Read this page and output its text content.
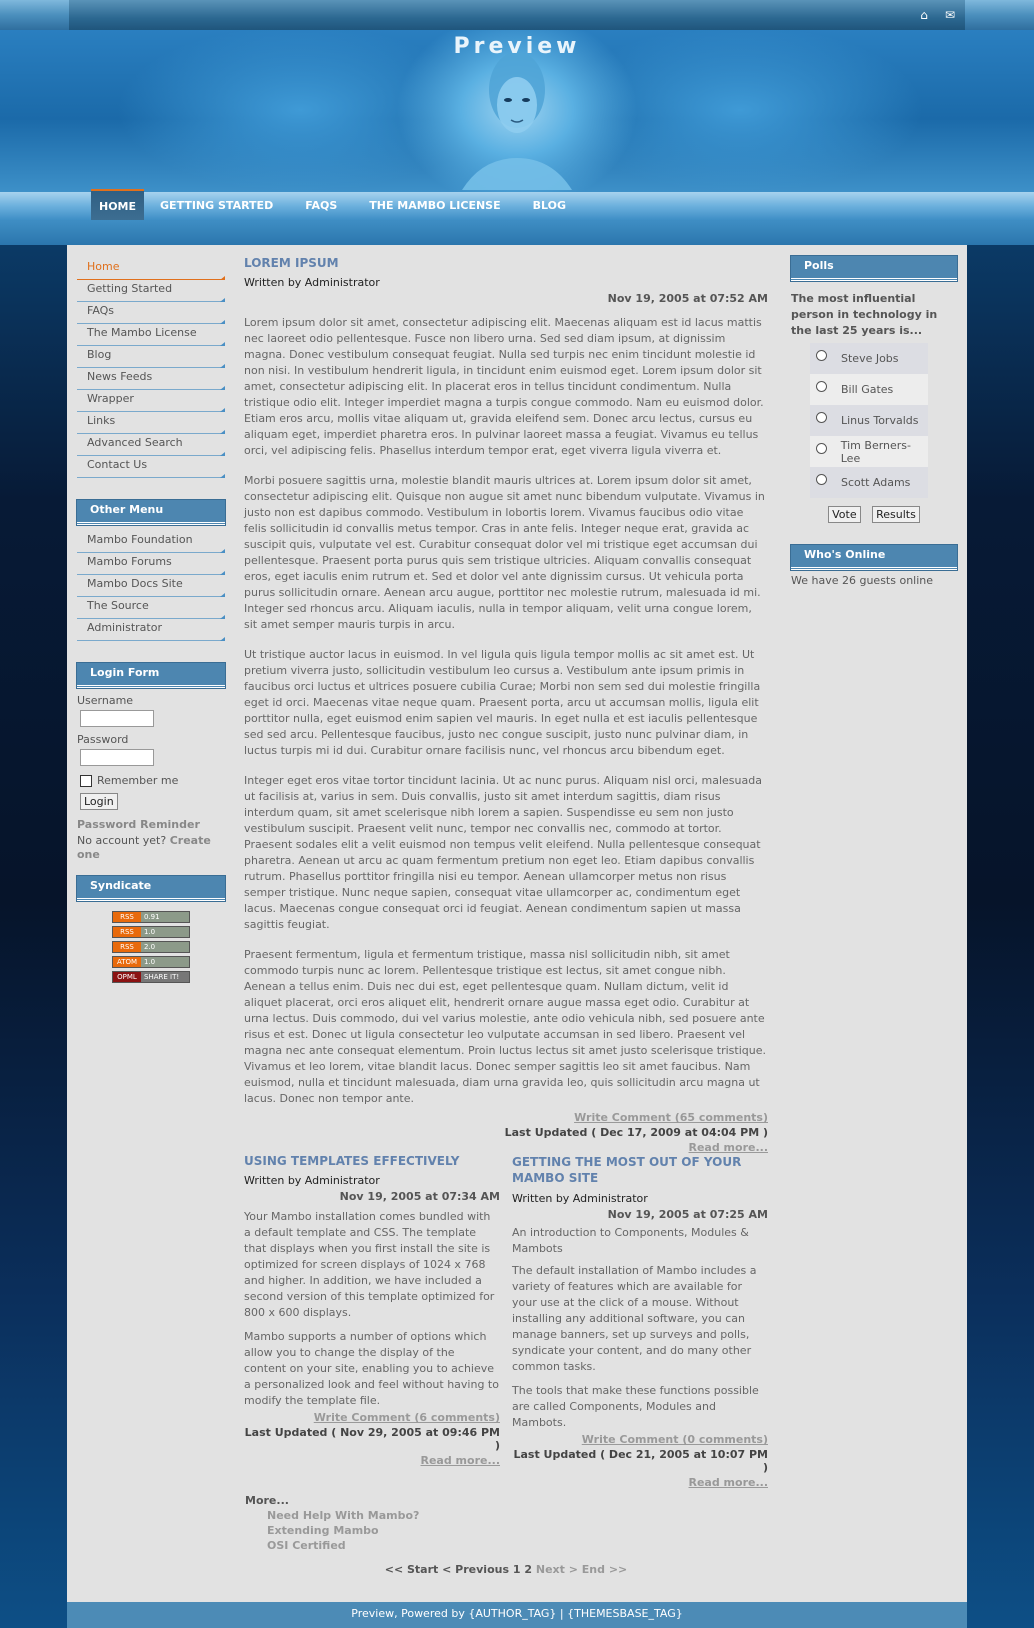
⌂ ✉
Preview
HOME	GETTING STARTED	FAQS	THE MAMBO LICENSE	BLOG
Home
Getting Started
FAQs
The Mambo License
Blog
News Feeds
Wrapper
Links
Advanced Search
Contact Us
Other Menu
Mambo Foundation
Mambo Forums
Mambo Docs Site
The Source
Administrator
Login Form
Username
Password
Remember me
Login
Password Reminder
No account yet? Create one
Syndicate
RSS	0.91
RSS	1.0
RSS	2.0
ATOM 1.0
OPML	SHARE IT!
LOREM IPSUM
Written by Administrator
Nov 19, 2005 at 07:52 AM

Lorem ipsum dolor sit amet, consectetur adipiscing elit. Maecenas aliquam est id lacus mattis nec laoreet odio pellentesque. Fusce non libero urna. Sed sed diam ipsum, at dignissim magna. Donec vestibulum consequat feugiat. Nulla sed turpis nec enim tincidunt molestie id non nisi. In vestibulum hendrerit ligula, in tincidunt enim euismod eget. Lorem ipsum dolor sit amet, consectetur adipiscing elit. In placerat eros in tellus tincidunt condimentum. Nulla tristique odio elit. Integer imperdiet magna a turpis congue commodo. Nam eu euismod dolor. Etiam eros arcu, mollis vitae aliquam ut, gravida eleifend sem. Donec arcu lectus, cursus eu aliquam eget, imperdiet pharetra eros. In pulvinar laoreet massa a feugiat. Vivamus eu tellus orci, vel adipiscing felis. Phasellus interdum tempor erat, eget viverra ligula viverra et.

Morbi posuere sagittis urna, molestie blandit mauris ultrices at. Lorem ipsum dolor sit amet, consectetur adipiscing elit. Quisque non augue sit amet nunc bibendum vulputate. Vivamus in justo non est dapibus commodo. Vestibulum in lobortis lorem. Vivamus faucibus odio vitae felis sollicitudin id convallis metus tempor. Cras in ante felis. Integer neque erat, gravida ac suscipit quis, vulputate vel est. Curabitur consequat dolor vel mi tristique eget accumsan dui pellentesque. Praesent porta purus quis sem tristique ultricies. Aliquam convallis consequat eros, eget iaculis enim rutrum et. Sed et dolor vel ante dignissim cursus. Ut vehicula porta purus sollicitudin ornare. Aenean arcu augue, porttitor nec molestie rutrum, malesuada id mi. Integer sed rhoncus arcu. Aliquam iaculis, nulla in tempor aliquam, velit urna congue lorem, sit amet semper mauris turpis in arcu.

Ut tristique auctor lacus in euismod. In vel ligula quis ligula tempor mollis ac sit amet est. Ut pretium viverra justo, sollicitudin vestibulum leo cursus a. Vestibulum ante ipsum primis in faucibus orci luctus et ultrices posuere cubilia Curae; Morbi non sem sed dui molestie fringilla eget id orci. Maecenas vitae neque quam. Praesent porta, arcu ut accumsan mollis, ligula elit porttitor nulla, eget euismod enim sapien vel mauris. In eget nulla et est iaculis pellentesque sed sed arcu. Pellentesque faucibus, justo nec congue suscipit, justo nunc pulvinar diam, in luctus turpis mi id dui. Curabitur ornare facilisis nunc, vel rhoncus arcu bibendum eget.

Integer eget eros vitae tortor tincidunt lacinia. Ut ac nunc purus. Aliquam nisl orci, malesuada ut facilisis at, varius in sem. Duis convallis, justo sit amet interdum sagittis, diam risus interdum quam, sit amet scelerisque nibh lorem a sapien. Suspendisse eu sem non justo vestibulum suscipit. Praesent velit nunc, tempor nec convallis nec, commodo at tortor. Praesent sodales elit a velit euismod non tempus velit eleifend. Nulla pellentesque consequat pharetra. Aenean ut arcu ac quam fermentum pretium non eget leo. Etiam dapibus convallis rutrum. Phasellus porttitor fringilla nisi eu tempor. Aenean ullamcorper metus non risus semper tristique. Nunc neque sapien, consequat vitae ullamcorper ac, condimentum eget lacus. Maecenas congue consequat orci id feugiat. Aenean condimentum sapien ut massa sagittis feugiat.

Praesent fermentum, ligula et fermentum tristique, massa nisl sollicitudin nibh, sit amet commodo turpis nunc ac lorem. Pellentesque tristique est lectus, sit amet congue nibh. Aenean a tellus enim. Duis nec dui est, eget pellentesque quam. Nullam dictum, velit id aliquet placerat, orci eros aliquet elit, hendrerit ornare augue massa eget odio. Curabitur at urna lectus. Duis commodo, dui vel varius molestie, ante odio vehicula nibh, sed posuere ante risus et est. Donec ut ligula consectetur leo vulputate accumsan in sed libero. Praesent vel magna nec ante consequat elementum. Proin luctus lectus sit amet justo scelerisque tristique. Vivamus et leo lorem, vitae blandit lacus. Donec semper sagittis leo sit amet faucibus. Nam euismod, nulla et tincidunt malesuada, diam urna gravida leo, quis sollicitudin arcu magna ut lacus. Donec non tempor ante.

Write Comment (65 comments)
Last Updated ( Dec 17, 2009 at 04:04 PM )
Read more...
USING TEMPLATES EFFECTIVELY
Written by Administrator
Nov 19, 2005 at 07:34 AM

Your Mambo installation comes bundled with a default template and CSS. The template that displays when you first install the site is optimized for screen displays of 1024 x 768 and higher. In addition, we have included a second version of this template optimized for 800 x 600 displays.

Mambo supports a number of options which allow you to change the display of the content on your site, enabling you to achieve a personalized look and feel without having to modify the template file.

Write Comment (6 comments)
Last Updated ( Nov 29, 2005 at 09:46 PM )
Read more...
GETTING THE MOST OUT OF YOUR MAMBO SITE
Written by Administrator
Nov 19, 2005 at 07:25 AM

An introduction to Components, Modules & Mambots

The default installation of Mambo includes a variety of features which are available for your use at the click of a mouse. Without installing any additional software, you can manage banners, set up surveys and polls, syndicate your content, and do many other common tasks.

The tools that make these functions possible are called Components, Modules and Mambots.

Write Comment (0 comments)
Last Updated ( Dec 21, 2005 at 10:07 PM )
Read more...
More...
Need Help With Mambo?
Extending Mambo
OSI Certified
<< Start < Previous 1 2 Next > End >>
Polls
The most influential person in technology in the last 25 years is...
Steve Jobs
Bill Gates
Linus Torvalds
Tim Berners-Lee
Scott Adams
Vote Results
Who's Online
We have 26 guests online
Preview, Powered by {AUTHOR_TAG} | {THEMESBASE_TAG}
